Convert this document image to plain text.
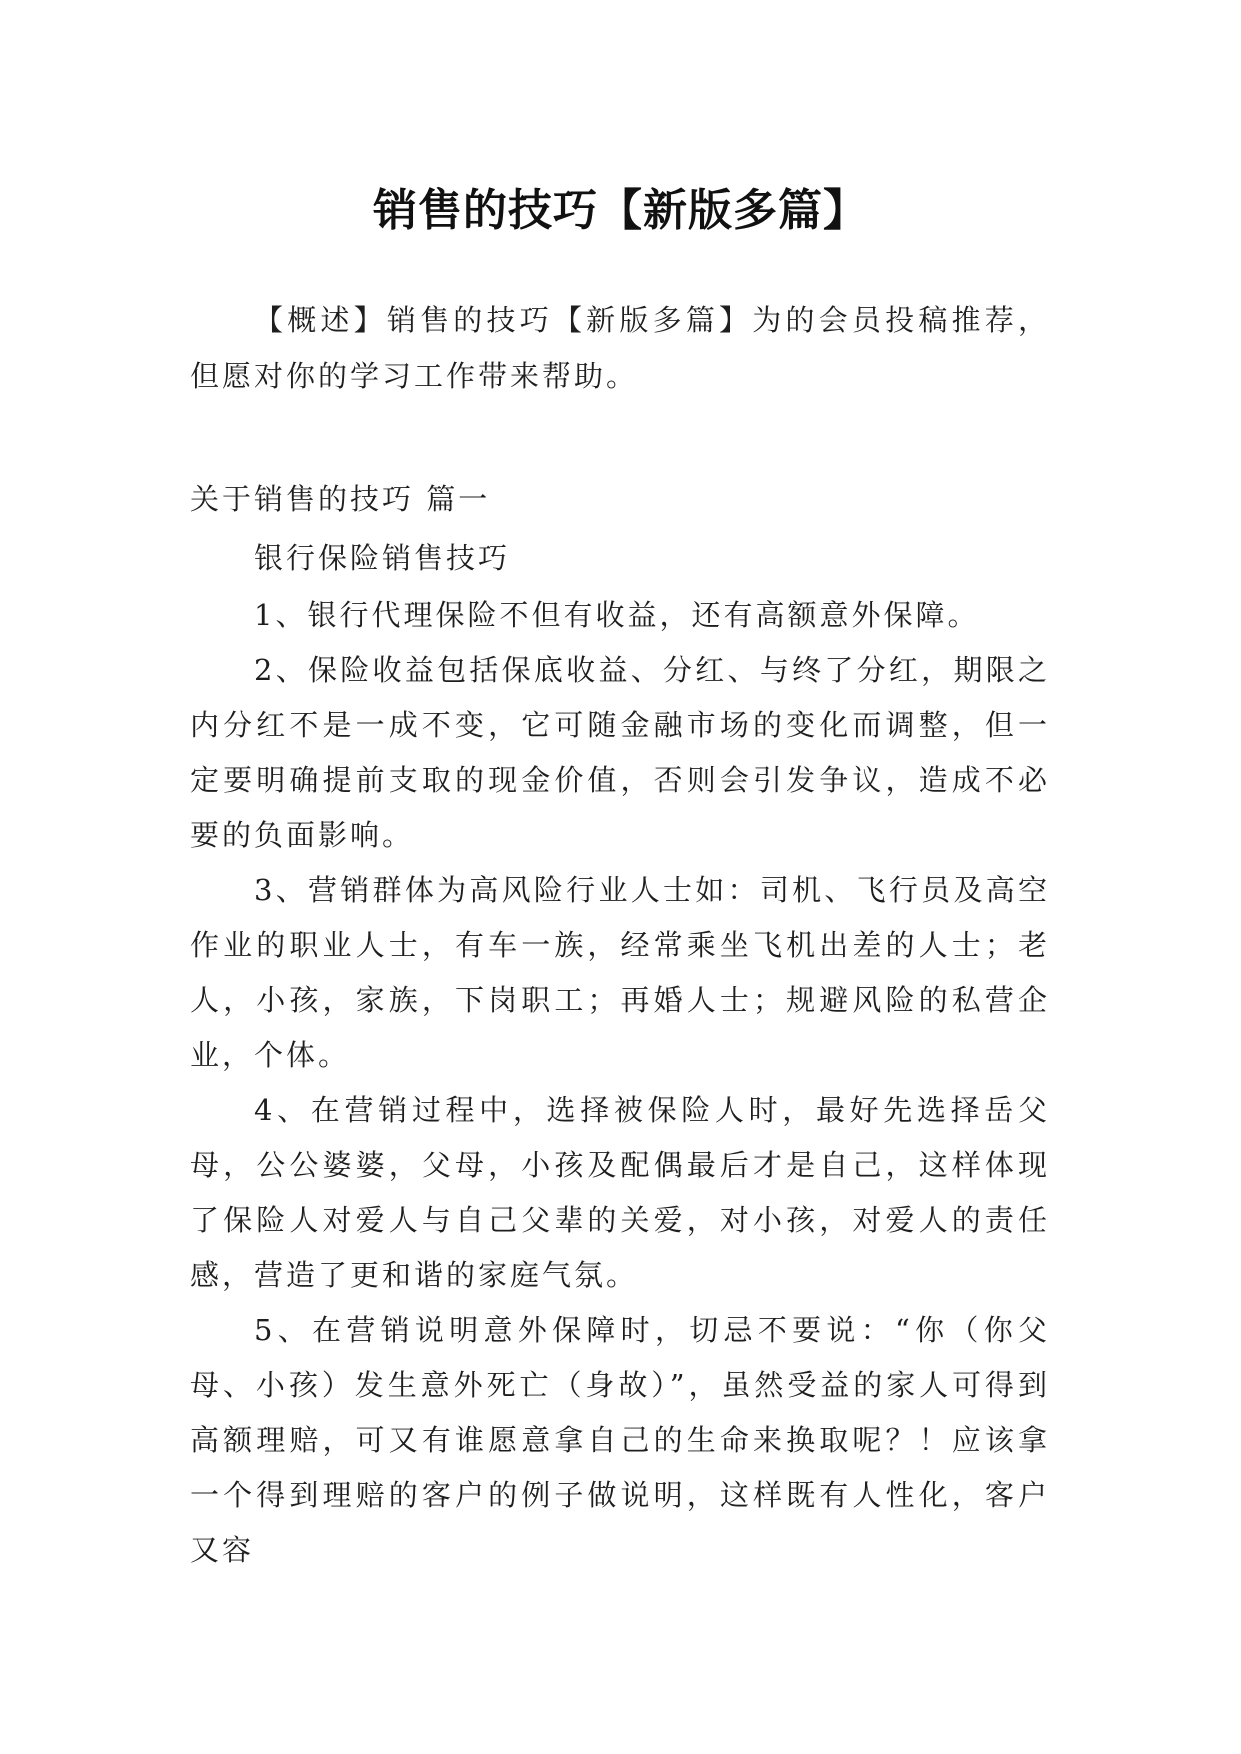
销售的技巧【新版多篇】

【概述】销售的技巧【新版多篇】为的会员投稿推荐，但愿对你的学习工作带来帮助。

关于销售的技巧 篇一

银行保险销售技巧

1、银行代理保险不但有收益，还有高额意外保障。

2、保险收益包括保底收益、分红、与终了分红，期限之内分红不是一成不变，它可随金融市场的变化而调整，但一定要明确提前支取的现金价值，否则会引发争议，造成不必要的负面影响。

3、营销群体为高风险行业人士如：司机、飞行员及高空作业的职业人士，有车一族，经常乘坐飞机出差的人士；老人，小孩，家族，下岗职工；再婚人士；规避风险的私营企业，个体。

4、在营销过程中，选择被保险人时，最好先选择岳父母，公公婆婆，父母，小孩及配偶最后才是自己，这样体现了保险人对爱人与自己父辈的关爱，对小孩，对爱人的责任感，营造了更和谐的家庭气氛。

5、在营销说明意外保障时，切忌不要说：“你（你父母、小孩）发生意外死亡（身故）”，虽然受益的家人可得到高额理赔，可又有谁愿意拿自己的生命来换取呢？！应该拿一个得到理赔的客户的例子做说明，这样既有人性化，客户又容
